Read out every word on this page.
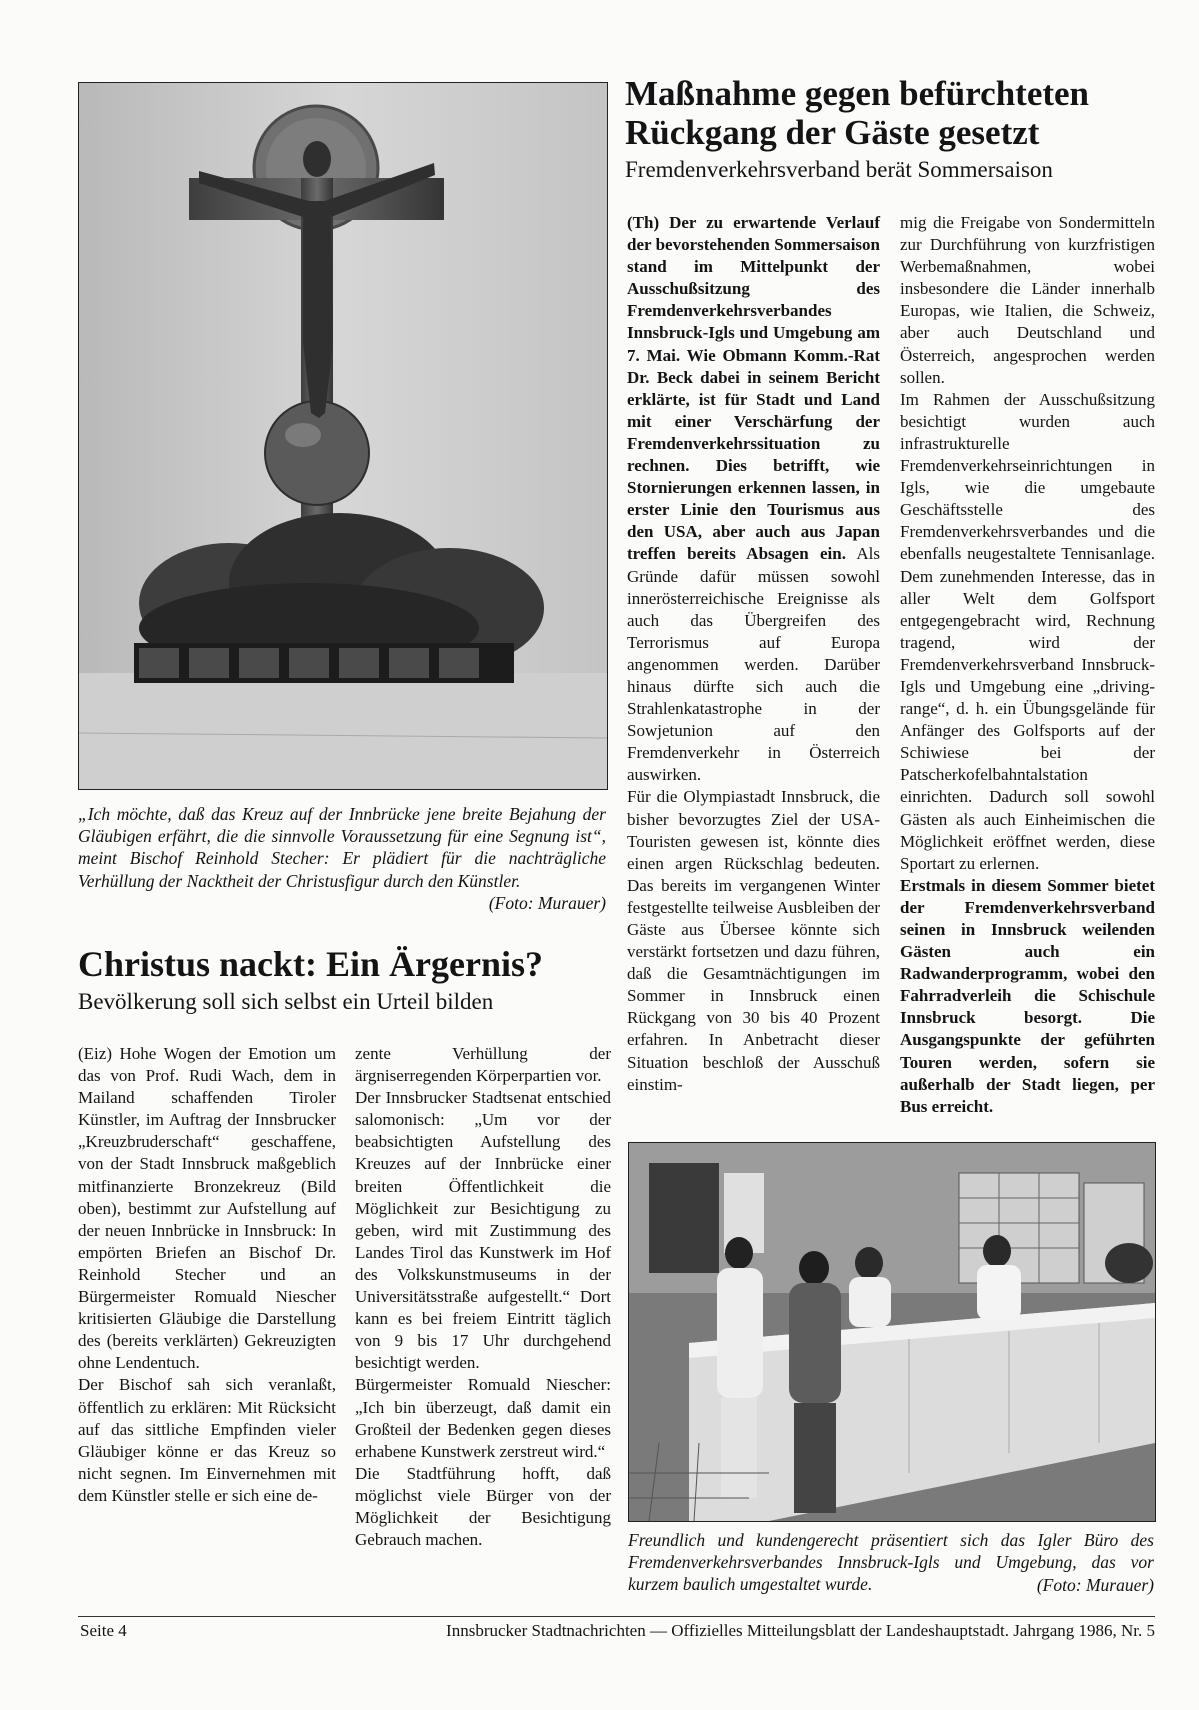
„Ich möchte, daß das Kreuz auf der Innbrücke jene breite Bejahung der Gläubigen erfährt, die die sinnvolle Voraussetzung für eine Segnung ist“, meint Bischof Reinhold Stecher: Er plädiert für die nachträgliche Verhüllung der Nacktheit der Christusfigur durch den Künstler.
(Foto: Murauer)
Maßnahme gegen befürchteten
Rückgang der Gäste gesetzt
Fremdenverkehrsverband berät Sommersaison

(Th) Der zu erwartende Verlauf der bevorstehenden Sommersaison stand im Mittelpunkt der Ausschußsitzung des Fremdenverkehrsverbandes Innsbruck-Igls und Umgebung am 7. Mai. Wie Obmann Komm.-Rat Dr. Beck dabei in seinem Bericht erklärte, ist für Stadt und Land mit einer Verschärfung der Fremdenverkehrssituation zu rechnen. Dies betrifft, wie Stornierungen erkennen lassen, in erster Linie den Tourismus aus den USA, aber auch aus Japan treffen bereits Absagen ein. Als Gründe dafür müssen sowohl innerösterreichische Ereignisse als auch das Übergreifen des Terrorismus auf Europa angenommen werden. Darüber hinaus dürfte sich auch die Strahlenkatastrophe in der Sowjetunion auf den Fremdenverkehr in Österreich auswirken.

Für die Olympiastadt Innsbruck, die bisher bevorzugtes Ziel der USA-Touristen gewesen ist, könnte dies einen argen Rückschlag bedeuten. Das bereits im vergangenen Winter festgestellte teilweise Ausbleiben der Gäste aus Übersee könnte sich verstärkt fortsetzen und dazu führen, daß die Gesamtnächtigungen im Sommer in Innsbruck einen Rückgang von 30 bis 40 Prozent erfahren. In Anbetracht dieser Situation beschloß der Ausschuß einstim-

mig die Freigabe von Sondermitteln zur Durchführung von kurzfristigen Werbemaßnahmen, wobei insbesondere die Länder innerhalb Europas, wie Italien, die Schweiz, aber auch Deutschland und Österreich, angesprochen werden sollen.

Im Rahmen der Ausschußsitzung besichtigt wurden auch infrastrukturelle Fremdenverkehrseinrichtungen in Igls, wie die umgebaute Geschäftsstelle des Fremdenverkehrsverbandes und die ebenfalls neugestaltete Tennisanlage. Dem zunehmenden Interesse, das in aller Welt dem Golfsport entgegengebracht wird, Rechnung tragend, wird der Fremdenverkehrsverband Innsbruck-Igls und Umgebung eine „driving-range“, d. h. ein Übungsgelände für Anfänger des Golfsports auf der Schiwiese bei der Patscherkofelbahntalstation einrichten. Dadurch soll sowohl Gästen als auch Einheimischen die Möglichkeit eröffnet werden, diese Sportart zu erlernen.

Erstmals in diesem Sommer bietet der Fremdenverkehrsverband seinen in Innsbruck weilenden Gästen auch ein Radwanderprogramm, wobei den Fahrradverleih die Schischule Innsbruck besorgt. Die Ausgangspunkte der geführten Touren werden, sofern sie außerhalb der Stadt liegen, per Bus erreicht.

Christus nackt: Ein Ärgernis?
Bevölkerung soll sich selbst ein Urteil bilden

(Eiz) Hohe Wogen der Emotion um das von Prof. Rudi Wach, dem in Mailand schaffenden Tiroler Künstler, im Auftrag der Innsbrucker „Kreuzbruderschaft“ geschaffene, von der Stadt Innsbruck maßgeblich mitfinanzierte Bronzekreuz (Bild oben), bestimmt zur Aufstellung auf der neuen Innbrücke in Innsbruck: In empörten Briefen an Bischof Dr. Reinhold Stecher und an Bürgermeister Romuald Niescher kritisierten Gläubige die Darstellung des (bereits verklärten) Gekreuzigten ohne Lendentuch.

Der Bischof sah sich veranlaßt, öffentlich zu erklären: Mit Rücksicht auf das sittliche Empfinden vieler Gläubiger könne er das Kreuz so nicht segnen. Im Einvernehmen mit dem Künstler stelle er sich eine de-

zente Verhüllung der ärgniserregenden Körperpartien vor.

Der Innsbrucker Stadtsenat entschied salomonisch: „Um vor der beabsichtigten Aufstellung des Kreuzes auf der Innbrücke einer breiten Öffentlichkeit die Möglichkeit zur Besichtigung zu geben, wird mit Zustimmung des Landes Tirol das Kunstwerk im Hof des Volkskunstmuseums in der Universitätsstraße aufgestellt.“ Dort kann es bei freiem Eintritt täglich von 9 bis 17 Uhr durchgehend besichtigt werden.

Bürgermeister Romuald Niescher: „Ich bin überzeugt, daß damit ein Großteil der Bedenken gegen dieses erhabene Kunstwerk zerstreut wird.“

Die Stadtführung hofft, daß möglichst viele Bürger von der Möglichkeit der Besichtigung Gebrauch machen.	Freundlich und kundengerecht präsentiert sich das Igler Büro des Fremdenverkehrsverbandes Innsbruck-Igls und Umgebung, das vor kurzem baulich umgestaltet wurde.	(Foto: Murauer)
Seite 4	Innsbrucker Stadtnachrichten — Offizielles Mitteilungsblatt der Landeshauptstadt. Jahrgang 1986, Nr. 5
